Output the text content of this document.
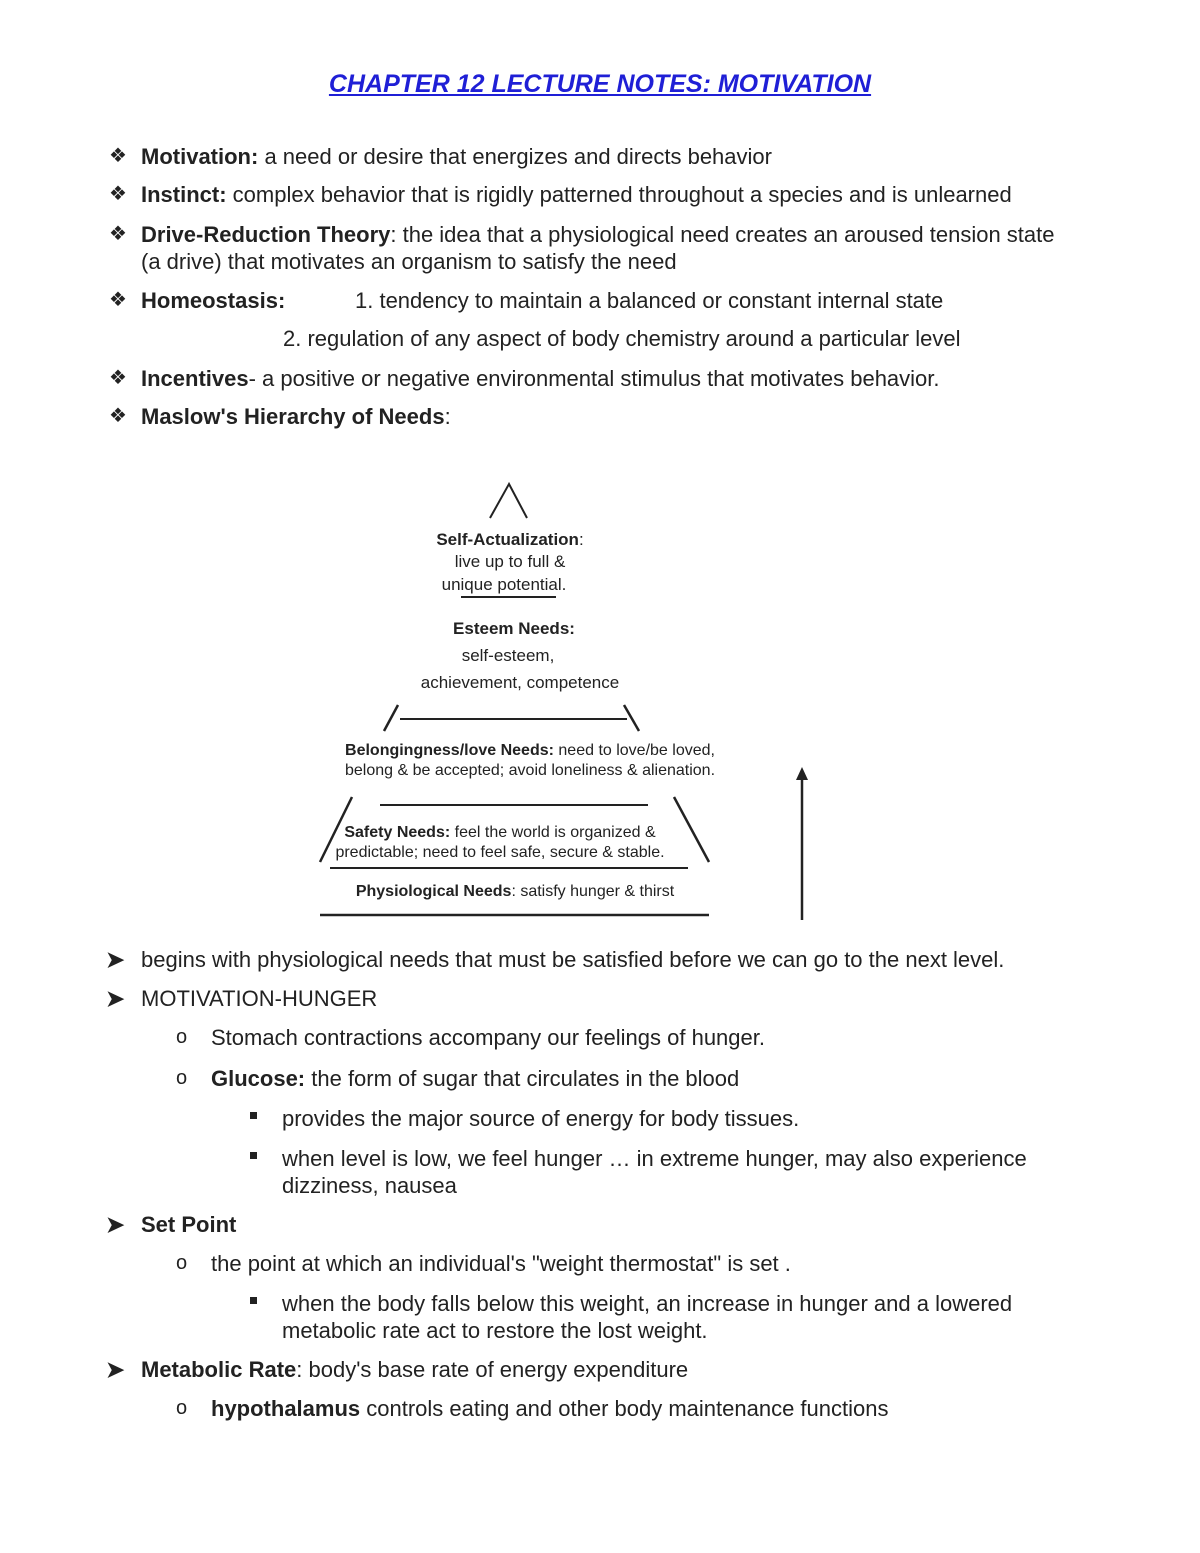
CHAPTER 12 LECTURE NOTES: MOTIVATION
❖ Motivation: a need or desire that energizes and directs behavior
❖ Instinct: complex behavior that is rigidly patterned throughout a species and is unlearned
❖ Drive-Reduction Theory: the idea that a physiological need creates an aroused tension state
(a drive) that motivates an organism to satisfy the need
❖ Homeostasis:	1. tendency to maintain a balanced or constant internal state
2. regulation of any aspect of body chemistry around a particular level
❖ Incentives- a positive or negative environmental stimulus that motivates behavior.
❖ Maslow's Hierarchy of Needs:
Self-Actualization:
live up to full &
unique potential.
Esteem Needs:
self-esteem,
achievement, competence
Belongingness/love Needs: need to love/be loved,
belong & be accepted; avoid loneliness & alienation.
Safety Needs: feel the world is organized &
predictable; need to feel safe, secure & stable.
Physiological Needs: satisfy hunger & thirst
➤ begins with physiological needs that must be satisfied before we can go to the next level.
➤ MOTIVATION-HUNGER
o Stomach contractions accompany our feelings of hunger.
o Glucose: the form of sugar that circulates in the blood
provides the major source of energy for body tissues.
when level is low, we feel hunger … in extreme hunger, may also experience
dizziness, nausea
➤ Set Point
o the point at which an individual's "weight thermostat" is set .
when the body falls below this weight, an increase in hunger and a lowered
metabolic rate act to restore the lost weight.
➤ Metabolic Rate: body's base rate of energy expenditure
o hypothalamus controls eating and other body maintenance functions
